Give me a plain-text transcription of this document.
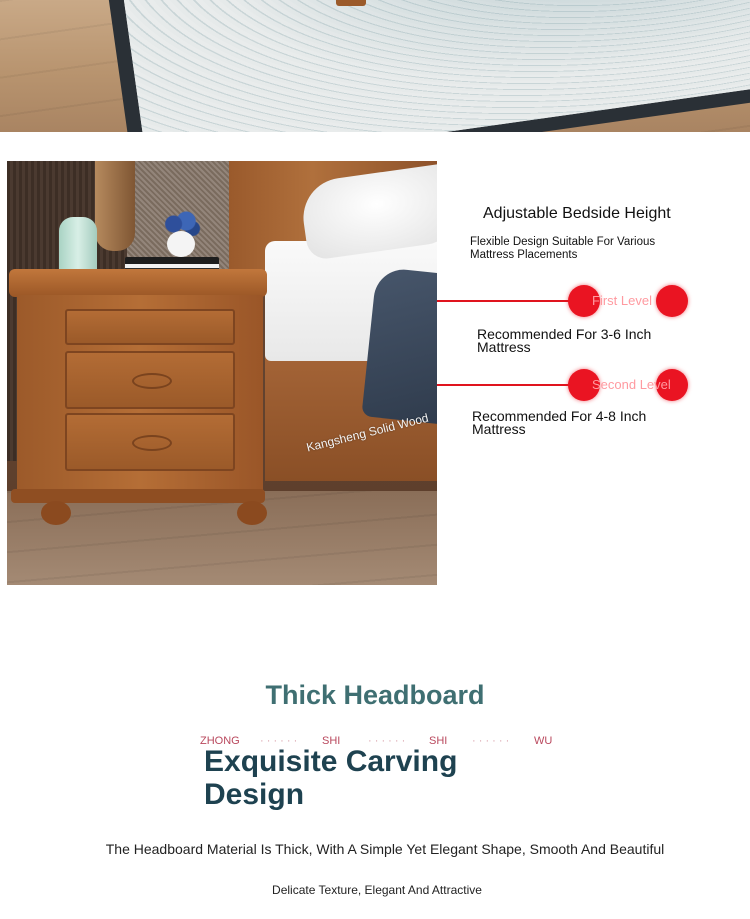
Kangsheng Solid Wood
Adjustable Bedside Height
Flexible Design Suitable For Various Mattress Placements
First Level
Recommended For 3-6 Inch Mattress
Second Level
Recommended For 4-8 Inch Mattress
Thick Headboard
ZHONG · · · · · · SHI	· · · · · · SHI · · · · · · WU
Exquisite Carving Design
The Headboard Material Is Thick, With A Simple Yet Elegant Shape, Smooth And Beautiful
Delicate Texture, Elegant And Attractive
